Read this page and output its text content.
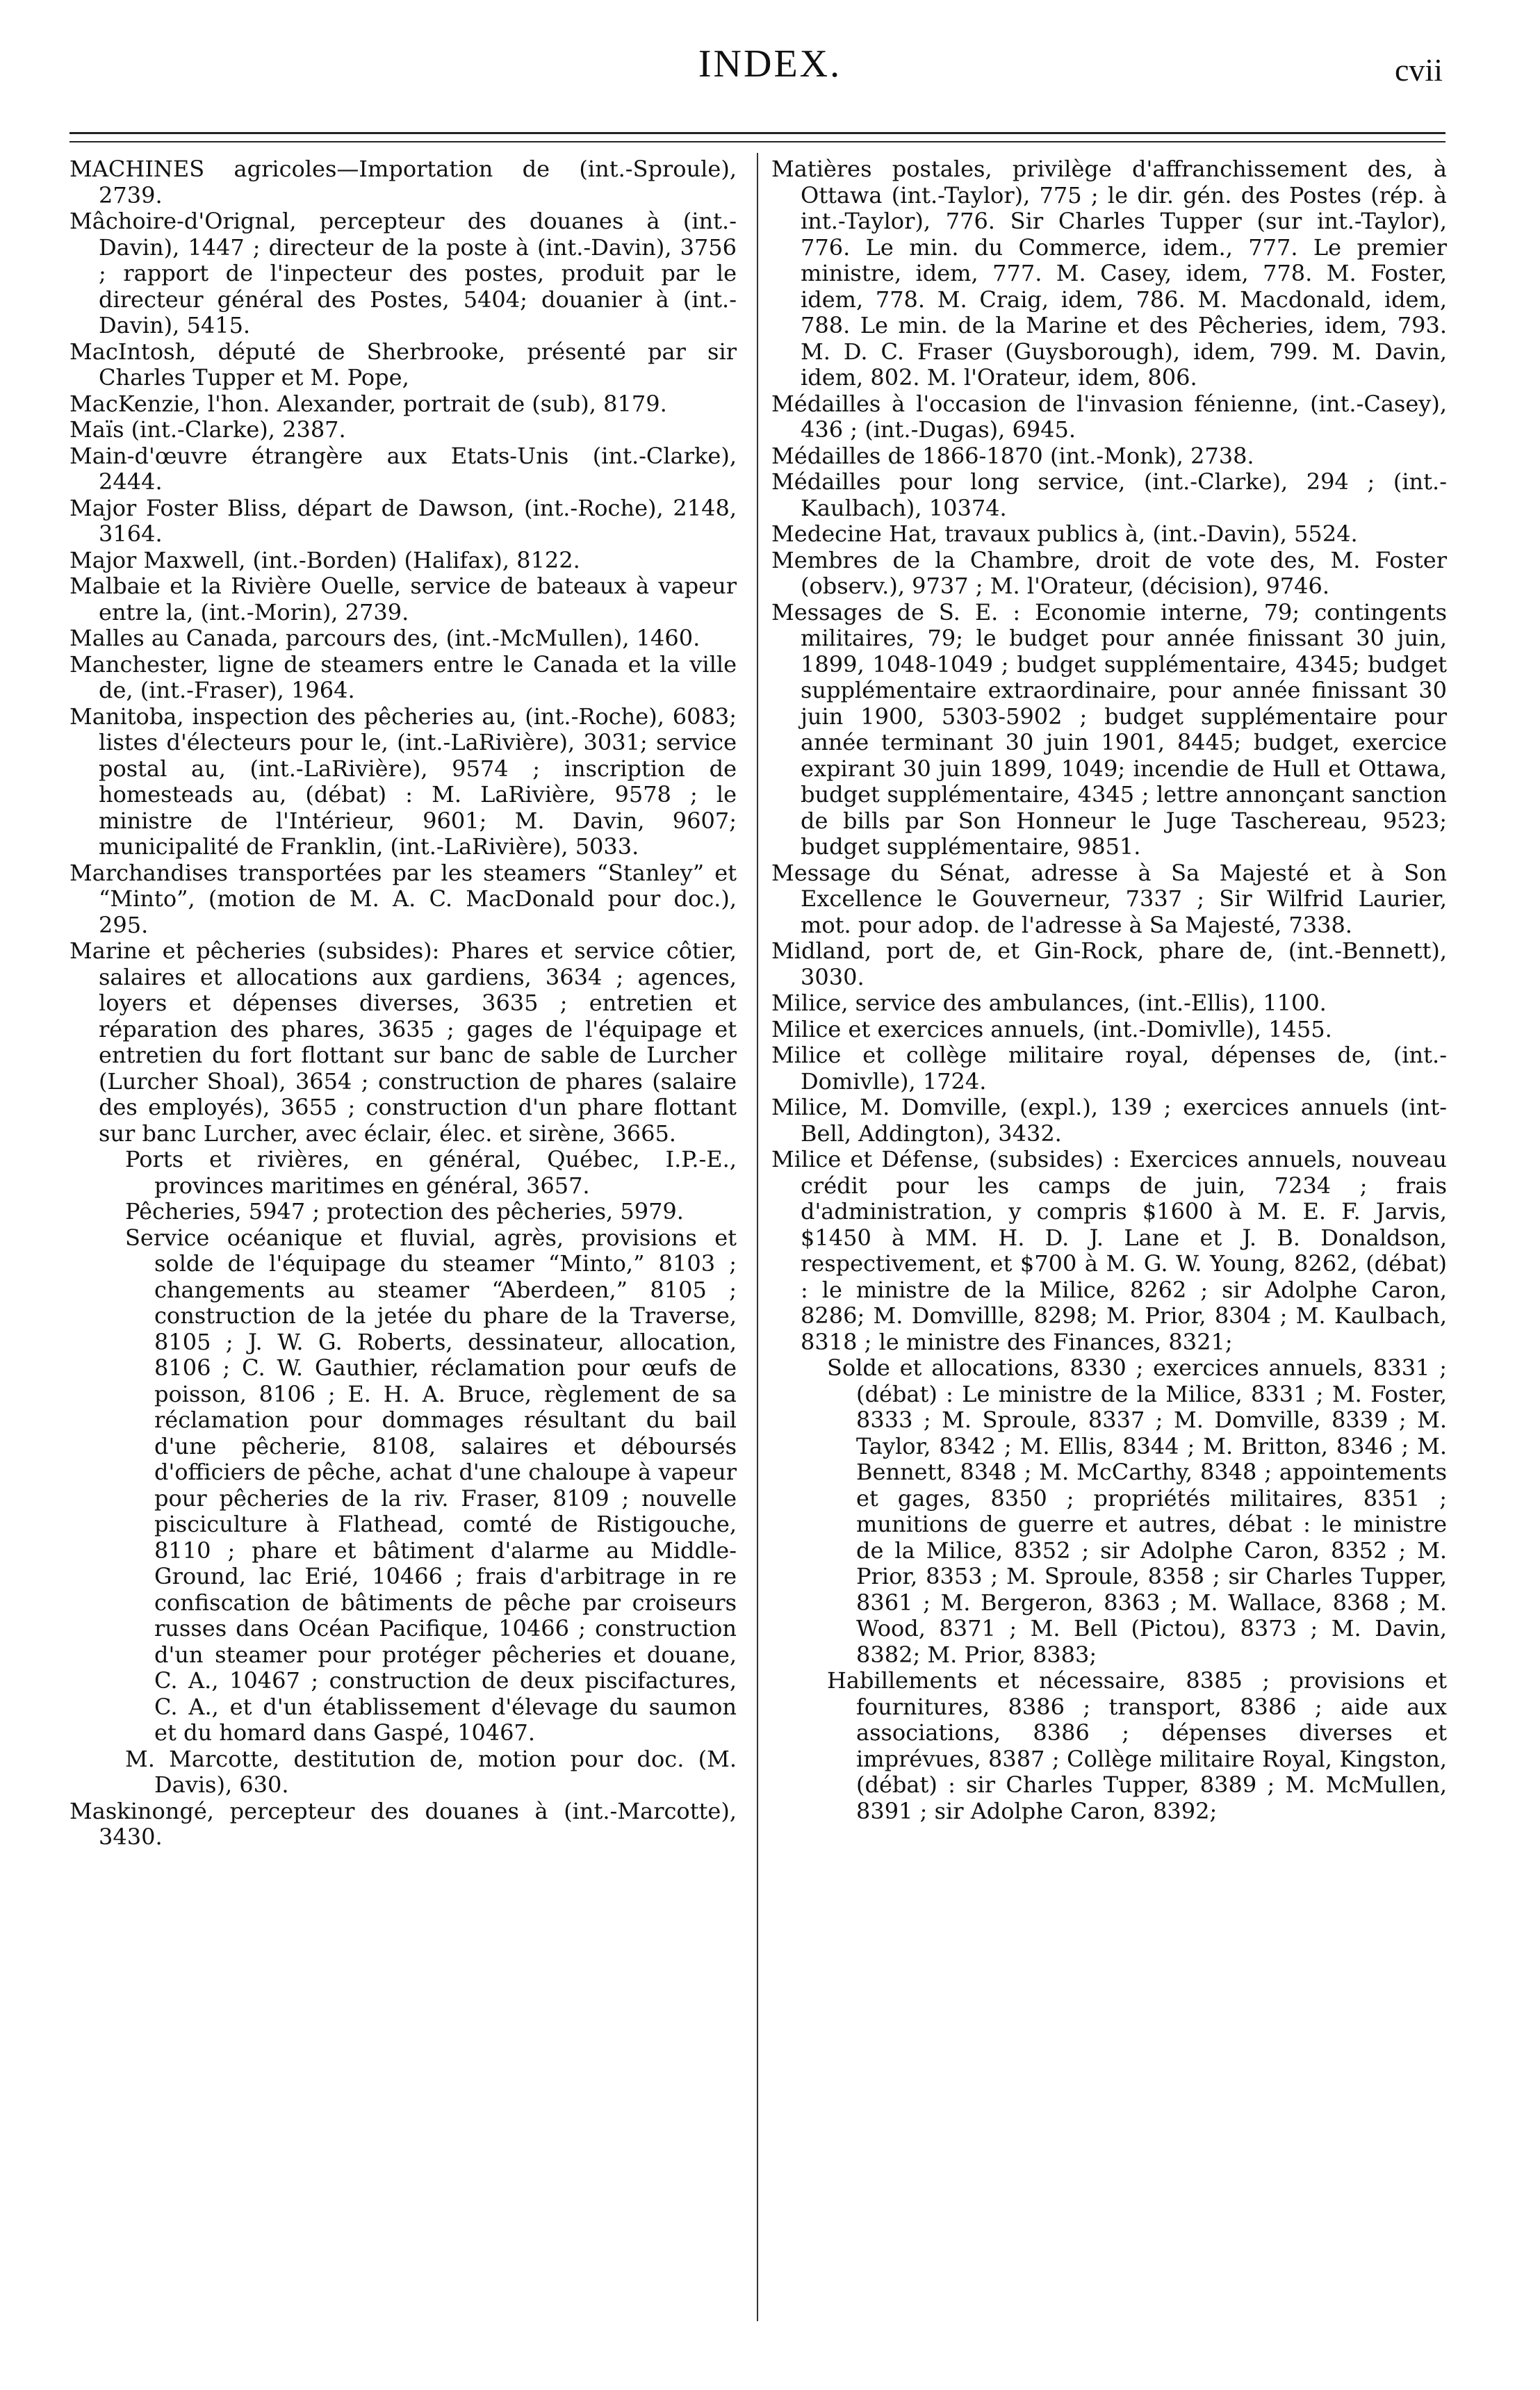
INDEX.	cvii

MACHINES agricoles—Importation de (int.-Sproule), 2739.

Mâchoire-d'Orignal, percepteur des douanes à (int.-Davin), 1447 ; directeur de la poste à (int.-Davin), 3756 ; rapport de l'inpecteur des postes, produit par le directeur général des Postes, 5404; douanier à (int.-Davin), 5415.

MacIntosh, député de Sherbrooke, présenté par sir Charles Tupper et M. Pope,

MacKenzie, l'hon. Alexander, portrait de (sub), 8179.

Maïs (int.-Clarke), 2387.

Main-d'œuvre étrangère aux Etats-Unis (int.-Clarke), 2444.

Major Foster Bliss, départ de Dawson, (int.-Roche), 2148, 3164.

Major Maxwell, (int.-Borden) (Halifax), 8122.

Malbaie et la Rivière Ouelle, service de bateaux à vapeur entre la, (int.-Morin), 2739.

Malles au Canada, parcours des, (int.-McMullen), 1460.

Manchester, ligne de steamers entre le Canada et la ville de, (int.-Fraser), 1964.

Manitoba, inspection des pêcheries au, (int.-Roche), 6083; listes d'électeurs pour le, (int.-LaRivière), 3031; service postal au, (int.-LaRivière), 9574 ; inscription de homesteads au, (débat) : M. LaRivière, 9578 ; le ministre de l'Intérieur, 9601; M. Davin, 9607; municipalité de Franklin, (int.-LaRivière), 5033.

Marchandises transportées par les steamers “Stanley” et “Minto”, (motion de M. A. C. MacDonald pour doc.), 295.

Marine et pêcheries (subsides): Phares et service côtier, salaires et allocations aux gardiens, 3634 ; agences, loyers et dépenses diverses, 3635 ; entretien et réparation des phares, 3635 ; gages de l'équipage et entretien du fort flottant sur banc de sable de Lurcher (Lurcher Shoal), 3654 ; construction de phares (salaire des employés), 3655 ; construction d'un phare flottant sur banc Lurcher, avec éclair, élec. et sirène, 3665.

Ports et rivières, en général, Québec, I.P.-E., provinces maritimes en général, 3657.

Pêcheries, 5947 ; protection des pêcheries, 5979.

Service océanique et fluvial, agrès, provisions et solde de l'équipage du steamer “Minto,” 8103 ; changements au steamer “Aberdeen,” 8105 ; construction de la jetée du phare de la Traverse, 8105 ; J. W. G. Roberts, dessinateur, allocation, 8106 ; C. W. Gauthier, réclamation pour œufs de poisson, 8106 ; E. H. A. Bruce, règlement de sa réclamation pour dommages résultant du bail d'une pêcherie, 8108, salaires et déboursés d'officiers de pêche, achat d'une chaloupe à vapeur pour pêcheries de la riv. Fraser, 8109 ; nouvelle pisciculture à Flathead, comté de Ristigouche, 8110 ; phare et bâtiment d'alarme au Middle-Ground, lac Erié, 10466 ; frais d'arbitrage in re confiscation de bâtiments de pêche par croiseurs russes dans Océan Pacifique, 10466 ; construction d'un steamer pour protéger pêcheries et douane, C. A., 10467 ; construction de deux piscifactures, C. A., et d'un établissement d'élevage du saumon et du homard dans Gaspé, 10467.

M. Marcotte, destitution de, motion pour doc. (M. Davis), 630.

Maskinongé, percepteur des douanes à (int.-Marcotte), 3430.

Matières postales, privilège d'affranchissement des, à Ottawa (int.-Taylor), 775 ; le dir. gén. des Postes (rép. à int.-Taylor), 776. Sir Charles Tupper (sur int.-Taylor), 776. Le min. du Commerce, idem., 777. Le premier ministre, idem, 777. M. Casey, idem, 778. M. Foster, idem, 778. M. Craig, idem, 786. M. Macdonald, idem, 788. Le min. de la Marine et des Pêcheries, idem, 793. M. D. C. Fraser (Guysborough), idem, 799. M. Davin, idem, 802. M. l'Orateur, idem, 806.

Médailles à l'occasion de l'invasion fénienne, (int.-Casey), 436 ; (int.-Dugas), 6945.

Médailles de 1866-1870 (int.-Monk), 2738.

Médailles pour long service, (int.-Clarke), 294 ; (int.-Kaulbach), 10374.

Medecine Hat, travaux publics à, (int.-Davin), 5524.

Membres de la Chambre, droit de vote des, M. Foster (observ.), 9737 ; M. l'Orateur, (décision), 9746.

Messages de S. E. : Economie interne, 79; contingents militaires, 79; le budget pour année finissant 30 juin, 1899, 1048-1049 ; budget supplémentaire, 4345; budget supplémentaire extraordinaire, pour année finissant 30 juin 1900, 5303-5902 ; budget supplémentaire pour année terminant 30 juin 1901, 8445; budget, exercice expirant 30 juin 1899, 1049; incendie de Hull et Ottawa, budget supplémentaire, 4345 ; lettre annonçant sanction de bills par Son Honneur le Juge Taschereau, 9523; budget supplémentaire, 9851.

Message du Sénat, adresse à Sa Majesté et à Son Excellence le Gouverneur, 7337 ; Sir Wilfrid Laurier, mot. pour adop. de l'adresse à Sa Majesté, 7338.

Midland, port de, et Gin-Rock, phare de, (int.-Bennett), 3030.

Milice, service des ambulances, (int.-Ellis), 1100.

Milice et exercices annuels, (int.-Domivlle), 1455.

Milice et collège militaire royal, dépenses de, (int.-Domivlle), 1724.

Milice, M. Domville, (expl.), 139 ; exercices annuels (int-Bell, Addington), 3432.

Milice et Défense, (subsides) : Exercices annuels, nouveau crédit pour les camps de juin, 7234 ; frais d'administration, y compris $1600 à M. E. F. Jarvis, $1450 à MM. H. D. J. Lane et J. B. Donaldson, respectivement, et $700 à M. G. W. Young, 8262, (débat) : le ministre de la Milice, 8262 ; sir Adolphe Caron, 8286; M. Domvillle, 8298; M. Prior, 8304 ; M. Kaulbach, 8318 ; le ministre des Finances, 8321;

Solde et allocations, 8330 ; exercices annuels, 8331 ; (débat) : Le ministre de la Milice, 8331 ; M. Foster, 8333 ; M. Sproule, 8337 ; M. Domville, 8339 ; M. Taylor, 8342 ; M. Ellis, 8344 ; M. Britton, 8346 ; M. Bennett, 8348 ; M. McCarthy, 8348 ; appointements et gages, 8350 ; propriétés militaires, 8351 ; munitions de guerre et autres, débat : le ministre de la Milice, 8352 ; sir Adolphe Caron, 8352 ; M. Prior, 8353 ; M. Sproule, 8358 ; sir Charles Tupper, 8361 ; M. Bergeron, 8363 ; M. Wallace, 8368 ; M. Wood, 8371 ; M. Bell (Pictou), 8373 ; M. Davin, 8382; M. Prior, 8383;

Habillements et nécessaire, 8385 ; provisions et fournitures, 8386 ; transport, 8386 ; aide aux associations, 8386 ; dépenses diverses et imprévues, 8387 ; Collège militaire Royal, Kingston, (débat) : sir Charles Tupper, 8389 ; M. McMullen, 8391 ; sir Adolphe Caron, 8392;
